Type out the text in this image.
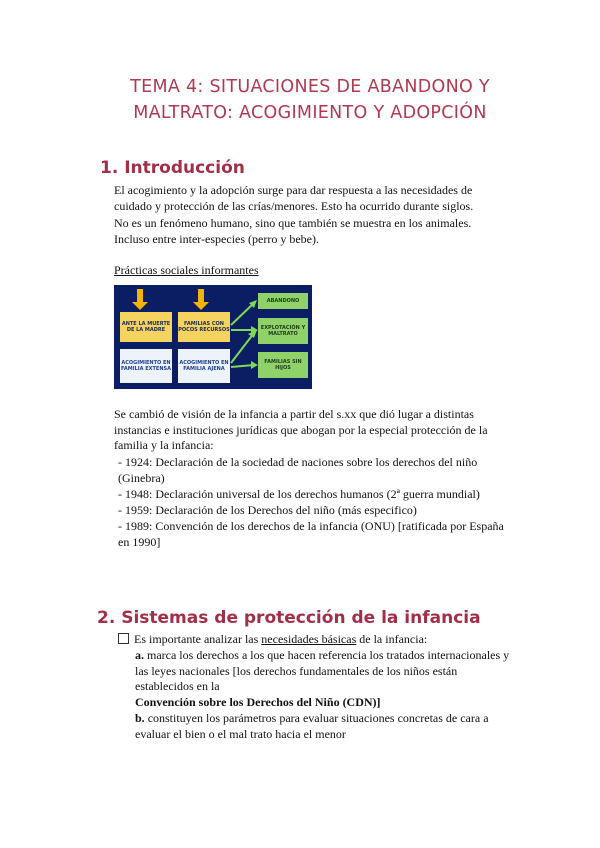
TEMA 4: SITUACIONES DE ABANDONO Y
MALTRATO: ACOGIMIENTO Y ADOPCIÓN
1. Introducción
El acogimiento y la adopción surge para dar respuesta a las necesidades de cuidado y protección de las crías/menores. Esto ha ocurrido durante siglos.
No es un fenómeno humano, sino que también se muestra en los animales. Incluso entre inter-especies (perro y bebe).
Prácticas sociales informantes
ANTE LA MUERTE DE LA MADRE
FAMILIAS CON POCOS RECURSOS
ACOGIMIENTO EN FAMILIA EXTENSA
ACOGIMIENTO EN FAMILIA AJENA
ABANDONO
EXPLOTACIÓN Y MALTRATO
FAMILIAS SIN HIJOS
Se cambió de visión de la infancia a partir del s.xx que dió lugar a distintas instancias e instituciones jurídicas que abogan por la especial protección de la familia y la infancia:
- 1924: Declaración de la sociedad de naciones sobre los derechos del niño (Ginebra)
- 1948: Declaración universal de los derechos humanos (2ª guerra mundial)
- 1959: Declaración de los Derechos del niño (más especifico)
- 1989: Convención de los derechos de la infancia (ONU) [ratificada por España en 1990]
2. Sistemas de protección de la infancia
Es importante analizar las necesidades básicas de la infancia:
a. marca los derechos a los que hacen referencia los tratados internacionales y las leyes nacionales [los derechos fundamentales de los niños están establecidos en la
Convención sobre los Derechos del Niño (CDN)]
b. constituyen los parámetros para evaluar situaciones concretas de cara a evaluar el bien o el mal trato hacia el menor
